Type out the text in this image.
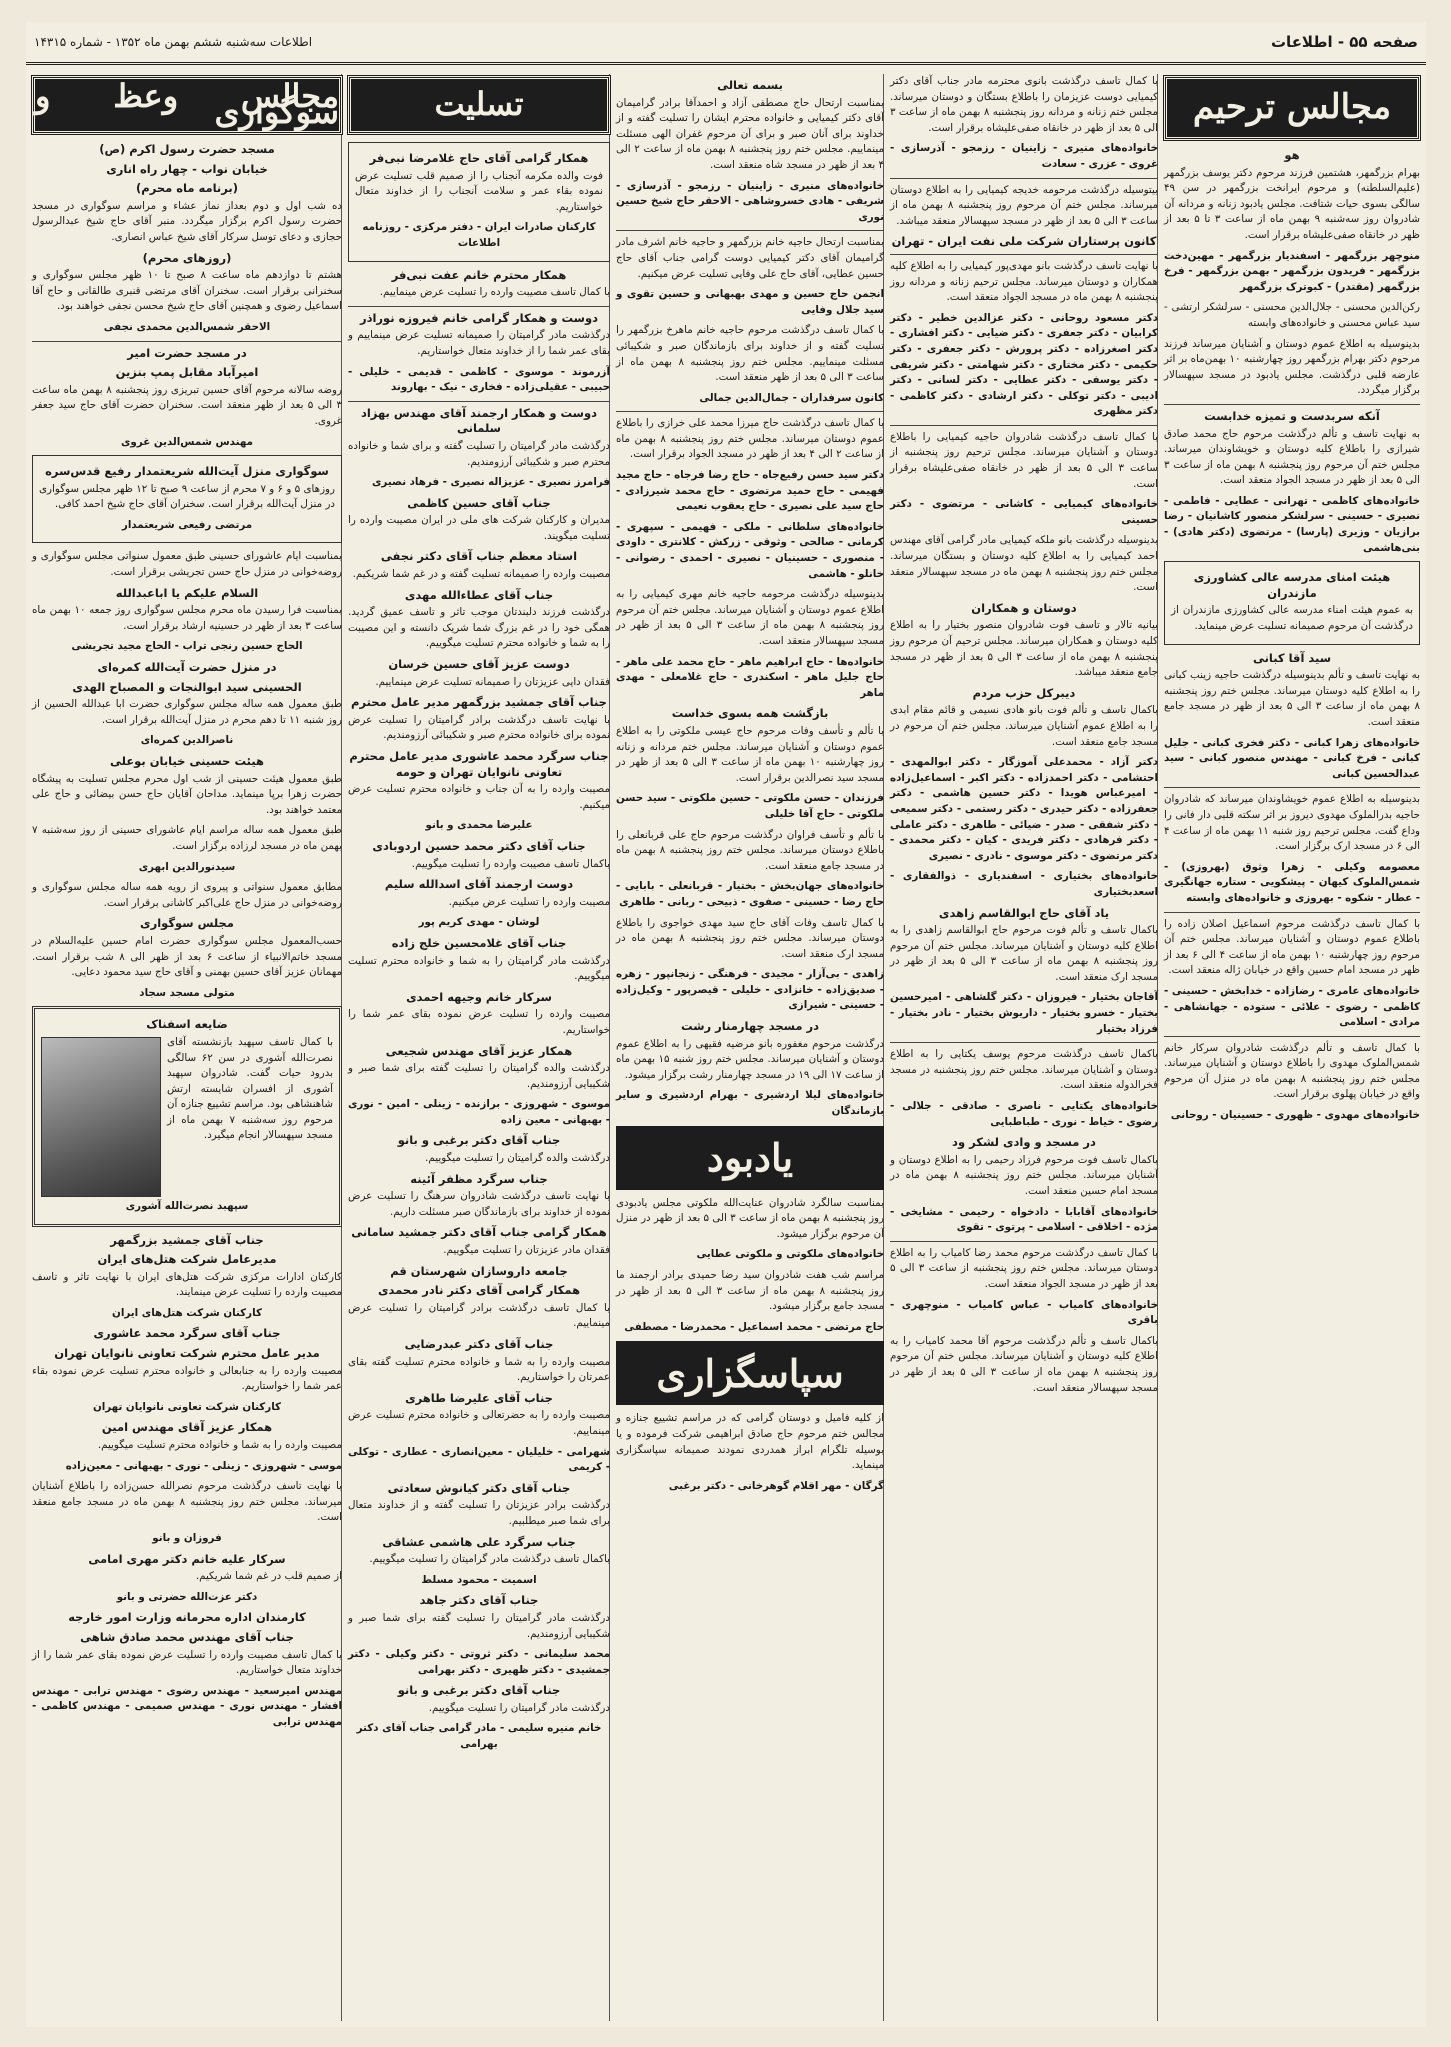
صفحه ۵۵ - اطلاعات
اطلاعات سه‌شنبه ششم بهمن ماه ۱۳۵۲ - شماره ۱۴۳۱۵
مجالس ترحیم
هو

بهرام بزرگمهر، هشتمین فرزند مرحوم دکتر یوسف بزرگمهر (علیم‌السلطنه) و مرحوم ایرانخت بزرگمهر در سن ۴۹ سالگی بسوی حیات شتافت. مجلس یادبود زنانه و مردانه آن شادروان روز سه‌شنبه ۹ بهمن ماه از ساعت ۳ تا ۵ بعد از ظهر در خانقاه صفی‌علیشاه برقرار است.

منوچهر بزرگمهر - اسفندیار بزرگمهر - مهین‌دخت بزرگمهر - فریدون بزرگمهر - بهمن بزرگمهر - فرخ بزرگمهر (مقتدر) - کبوترک بزرگمهر

رکن‌الدین محسنی - جلال‌الدین محسنی - سرلشکر ارتشی - سید عباس محسنی و خانواده‌های وابسته

بدینوسیله به اطلاع عموم دوستان و آشنایان میرساند فرزند مرحوم دکتر بهرام بزرگمهر روز چهارشنبه ۱۰ بهمن‌ماه بر اثر عارضه قلبی درگذشت. مجلس یادبود در مسجد سپهسالار برگزار میگردد.

آنکه سربدست و تمیزه خدابست

به نهایت تاسف و تألم درگذشت مرحوم حاج محمد صادق شیرازی را باطلاع کلیه دوستان و خویشاوندان میرساند. مجلس ختم آن مرحوم روز پنجشنبه ۸ بهمن ماه از ساعت ۳ الی ۵ بعد از ظهر در مسجد الجواد منعقد است.

خانواده‌های کاظمی - تهرانی - عطایی - فاطمی - نصیری - حسینی - سرلشکر منصور کاشانیان - رضا برازیان - وزیری (پارسا) - مرتضوی (دکتر هادی) - بنی‌هاشمی

هیئت امنای مدرسه عالی کشاورزی مازندران

به عموم هیئت امناء مدرسه عالی کشاورزی مازندران از درگذشت آن مرحوم صمیمانه تسلیت عرض مینماید.

سید آقا کبانی

به نهایت تاسف و تألم بدینوسیله درگذشت حاجیه زینب کبانی را به اطلاع کلیه دوستان میرساند. مجلس ختم روز پنجشنبه ۸ بهمن ماه از ساعت ۳ الی ۵ بعد از ظهر در مسجد جامع منعقد است.

خانواده‌های زهرا کبانی - دکتر فخری کبانی - جلیل کبانی - فرخ کبانی - مهندس منصور کبانی - سید عبدالحسین کبانی

بدینوسیله به اطلاع عموم خویشاوندان میرساند که شادروان حاجیه بدرالملوک مهدوی دیروز بر اثر سکته قلبی دار فانی را وداع گفت. مجلس ترحیم روز شنبه ۱۱ بهمن ماه از ساعت ۴ الی ۶ در مسجد ارک برگزار است.

معصومه وکیلی - زهرا وثوق (بهروزی) - شمس‌الملوک کیهان - پیشکویی - ستاره جهانگیری - عطار - شکوه - بهروزی و خانواده‌های وابسته

با کمال تاسف درگذشت مرحوم اسماعیل اصلان زاده را باطلاع عموم دوستان و آشنایان میرساند. مجلس ختم آن مرحوم روز چهارشنبه ۱۰ بهمن ماه از ساعت ۴ الی ۶ بعد از ظهر در مسجد امام حسین واقع در خیابان ژاله منعقد است.

خانواده‌های عامری - رضازاده - خدابخش - حسینی - کاظمی - رضوی - علائی - ستوده - جهانشاهی - مرادی - اسلامی

با کمال تاسف و تألم درگذشت شادروان سرکار خانم شمس‌الملوک مهدوی را باطلاع دوستان و آشنایان میرساند. مجلس ختم روز پنجشنبه ۸ بهمن ماه در منزل آن مرحوم واقع در خیابان پهلوی برقرار است.

خانواده‌های مهدوی - ظهوری - حسینیان - روحانی

با کمال تاسف درگذشت بانوی محترمه مادر جناب آقای دکتر کیمیایی دوست عزیزمان را باطلاع بستگان و دوستان میرساند. مجلس ختم زنانه و مردانه روز پنجشنبه ۸ بهمن ماه از ساعت ۳ الی ۵ بعد از ظهر در خانقاه صفی‌علیشاه برقرار است.

خانواده‌های منیری - زاینیان - رزمجو - آذرسازی - غروی - عزری - سعادت

بیتوسیله درگذشت مرحومه خدیجه کیمیایی را به اطلاع دوستان میرساند. مجلس ختم آن مرحوم روز پنجشنبه ۸ بهمن ماه از ساعت ۳ الی ۵ بعد از ظهر در مسجد سپهسالار منعقد میباشد.

کانون پرستاران شرکت ملی نفت ایران - تهران

با نهایت تاسف درگذشت بانو مهدی‌پور کیمیایی را به اطلاع کلیه همکاران و دوستان میرساند. مجلس ترحیم زنانه و مردانه روز پنجشنبه ۸ بهمن ماه در مسجد الجواد منعقد است.

دکتر مسعود روحانی - دکتر عزالدین خطیر - دکتر کرابیان - دکتر جعفری - دکتر ضیایی - دکتر افشاری - دکتر اصغرزاده - دکتر پرورش - دکتر جعفری - دکتر حکیمی - دکتر مختاری - دکتر شهامتی - دکتر شریفی - دکتر یوسفی - دکتر عطایی - دکتر لسانی - دکتر ادیبی - دکتر توکلی - دکتر ارشادی - دکتر کاظمی - دکتر مظهری

با کمال تاسف درگذشت شادروان حاجیه کیمیایی را باطلاع دوستان و آشنایان میرساند. مجلس ترحیم روز پنجشنبه از ساعت ۳ الی ۵ بعد از ظهر در خانقاه صفی‌علیشاه برقرار است.

خانواده‌های کیمیایی - کاشانی - مرتضوی - دکتر حسینی

بدینوسیله درگذشت بانو ملکه کیمیایی مادر گرامی آقای مهندس احمد کیمیایی را به اطلاع کلیه دوستان و بستگان میرساند. مجلس ختم روز پنجشنبه ۸ بهمن ماه در مسجد سپهسالار منعقد است.

دوستان و همکاران

بیانیه تالار و تاسف فوت شادروان منصور بختیار را به اطلاع کلیه دوستان و همکاران میرساند. مجلس ترحیم آن مرحوم روز پنجشنبه ۸ بهمن ماه از ساعت ۳ الی ۵ بعد از ظهر در مسجد جامع منعقد میباشد.

دیبرکل حزب مردم

باکمال تاسف و تألم فوت بانو هادی نسیمی و قائم مقام ابدی را به اطلاع عموم آشنایان میرساند. مجلس ختم آن مرحوم در مسجد جامع منعقد است.

دکتر آزاد - محمدعلی آموزگار - دکتر ابوالمهدی - احتشامی - دکتر احمدزاده - دکتر اکبر - اسماعیل‌زاده - امیرعباس هویدا - دکتر حسین هاشمی - دکتر جعفرزاده - دکتر حیدری - دکتر رستمی - دکتر سمیعی - دکتر شفقی - صدر - ضیائی - طاهری - دکتر عاملی - دکتر فرهادی - دکتر فریدی - کیان - دکتر محمدی - دکتر مرتضوی - دکتر موسوی - نادری - نصیری

خانواده‌های بختیاری - اسفندیاری - ذوالفقاری - اسعدبختیاری

یاد آقای حاج ابوالقاسم زاهدی

باکمال تاسف و تألم فوت مرحوم حاج ابوالقاسم زاهدی را به اطلاع کلیه دوستان و آشنایان میرساند. مجلس ختم آن مرحوم روز پنجشنبه ۸ بهمن ماه از ساعت ۳ الی ۵ بعد از ظهر در مسجد ارک منعقد است.

آقاجان بختیار - فیروزان - دکتر گلشاهی - امیرحسین بختیار - خسرو بختیار - داریوش بختیار - نادر بختیار - فرزاد بختیار

باکمال تاسف درگذشت مرحوم یوسف یکتایی را به اطلاع دوستان و آشنایان میرساند. مجلس ختم روز پنجشنبه در مسجد فخرالدوله منعقد است.

خانواده‌های یکتایی - ناصری - صادقی - جلالی - رضوی - خیاط - نوری - طباطبایی

در مسجد و وادی لشکر ود

باکمال تاسف فوت مرحوم فرزاد رحیمی را به اطلاع دوستان و آشنایان میرساند. مجلس ختم روز پنجشنبه ۸ بهمن ماه در مسجد امام حسین منعقد است.

خانواده‌های آقابابا - دادخواه - رحیمی - مشایخی - مژده - اخلاقی - اسلامی - پرتوی - تقوی

با کمال تاسف درگذشت مرحوم محمد رضا کامیاب را به اطلاع دوستان میرساند. مجلس ختم روز پنجشنبه از ساعت ۳ الی ۵ بعد از ظهر در مسجد الجواد منعقد است.

خانواده‌های کامیاب - عباس کامیاب - منوچهری - باقری

باکمال تاسف و تألم درگذشت مرحوم آقا محمد کامیاب را به اطلاع کلیه دوستان و آشنایان میرساند. مجلس ختم آن مرحوم روز پنجشنبه ۸ بهمن ماه از ساعت ۳ الی ۵ بعد از ظهر در مسجد سپهسالار منعقد است.

بسمه تعالی

بمناسبت ارتحال حاج مصطفی آزاد و احمدآقا برادر گرامیمان آقای دکتر کیمیایی و خانواده محترم ایشان را تسلیت گفته و از خداوند برای آنان صبر و برای آن مرحوم غفران الهی مسئلت مینماییم. مجلس ختم روز پنجشنبه ۸ بهمن ماه از ساعت ۲ الی ۴ بعد از ظهر در مسجد شاه منعقد است.

خانواده‌های منیری - زاینیان - رزمجو - آذرسازی - شریفی - هادی خسروشاهی - الاحقر حاج شیخ حسین نوری

بمناسبت ارتحال حاجیه خانم بزرگمهر و حاجیه خانم اشرف مادر گرامیمان آقای دکتر کیمیایی دوست گرامی جناب آقای حاج حسین عطایی، آقای حاج علی وفایی تسلیت عرض میکنیم.

انجمن حاج حسین و مهدی بهبهانی و حسین تقوی و سید جلال وفایی

با کمال تاسف درگذشت مرحوم حاجیه خانم ماهرخ بزرگمهر را تسلیت گفته و از خداوند برای بازماندگان صبر و شکیبائی مسئلت مینماییم. مجلس ختم روز پنجشنبه ۸ بهمن ماه از ساعت ۳ الی ۵ بعد از ظهر منعقد است.

کانون سرفداران - جمال‌الدین جمالی

با کمال تاسف درگذشت حاج میرزا محمد علی خرازی را باطلاع عموم دوستان میرساند. مجلس ختم روز پنجشنبه ۸ بهمن ماه از ساعت ۲ الی ۴ بعد از ظهر در مسجد الجواد برقرار است.

دکتر سید حسن رفیع‌جاه - حاج رضا فرجاه - حاج مجید فهیمی - حاج حمید مرتضوی - حاج محمد شیرزادی - حاج سید علی نصیری - حاج یعقوب نعیمی

خانواده‌های سلطانی - ملکی - فهیمی - سپهری - کرمانی - صالحی - وثوقی - زرکش - کلانتری - داودی - منصوری - حسینیان - نصیری - احمدی - رضوانی - خانلو - هاشمی

بدینوسیله درگذشت مرحومه حاجیه خانم مهری کیمیایی را به اطلاع عموم دوستان و آشنایان میرساند. مجلس ختم آن مرحوم روز پنجشنبه ۸ بهمن ماه از ساعت ۳ الی ۵ بعد از ظهر در مسجد سپهسالار منعقد است.

خانواده‌ها - حاج ابراهیم ماهر - حاج محمد علی ماهر - حاج جلیل ماهر - اسکندری - حاج غلامعلی - مهدی ماهر

بازگشت همه بسوی خداست

با تألم و تأسف وفات مرحوم حاج عیسی ملکوتی را به اطلاع عموم دوستان و آشنایان میرساند. مجلس ختم مردانه و زنانه روز چهارشنبه ۱۰ بهمن ماه از ساعت ۳ الی ۵ بعد از ظهر در مسجد سید نصرالدین برقرار است.

فرزندان - حسن ملکوتی - حسین ملکوتی - سید حسن ملکوتی - حاج آقا خلیلی

با تألم و تأسف فراوان درگذشت مرحوم حاج علی قربانعلی را باطلاع دوستان میرساند. مجلس ختم روز پنجشنبه ۸ بهمن ماه در مسجد جامع منعقد است.

خانواده‌های جهان‌بخش - بختیار - قربانعلی - بابایی - حاج رضا - حسینی - صفوی - ذبیحی - ربانی - طاهری

با کمال تاسف وفات آقای حاج سید مهدی خواجوی را باطلاع دوستان میرساند. مجلس ختم روز پنجشنبه ۸ بهمن ماه در مسجد ارک منعقد است.

زاهدی - بی‌آزار - مجیدی - فرهنگی - زنجانپور - زهره - صدیق‌زاده - خانزادی - خلیلی - قیصرپور - وکیل‌زاده - حسینی - شیرازی

در مسجد چهارمنار رشت

درگذشت مرحوم مغفوره بانو مرضیه فقیهی را به اطلاع عموم دوستان و آشنایان میرساند. مجلس ختم روز شنبه ۱۵ بهمن ماه از ساعت ۱۷ الی ۱۹ در مسجد چهارمنار رشت برگزار میشود.

خانواده‌های لیلا اردشیری - بهرام اردشیری و سایر بازماندگان

یادبود

بمناسبت سالگرد شادروان عنایت‌الله ملکوتی مجلس یادبودی روز پنجشنبه ۸ بهمن ماه از ساعت ۳ الی ۵ بعد از ظهر در منزل آن مرحوم برگزار میشود.

خانواده‌های ملکوتی و ملکوتی عطایی

مراسم شب هفت شادروان سید رضا حمیدی برادر ارجمند ما روز پنجشنبه ۸ بهمن ماه از ساعت ۳ الی ۵ بعد از ظهر در مسجد جامع برگزار میشود.

حاج مرتضی - محمد اسماعیل - محمدرضا - مصطفی

سپاسگزاری

از کلیه فامیل و دوستان گرامی که در مراسم تشییع جنازه و مجالس ختم مرحوم حاج صادق ابراهیمی شرکت فرموده و یا بوسیله تلگرام ابراز همدردی نمودند صمیمانه سپاسگزاری مینماید.

گرگان - مهر اقلام گوهرخانی - دکتر برغبی

تسلیت
همکار گرامی آقای حاج غلامرضا نبی‌فر

فوت والده مکرمه آنجناب را از صمیم قلب تسلیت عرض نموده بقاء عمر و سلامت آنجناب را از خداوند متعال خواستاریم.

کارکنان صادرات ایران - دفتر مرکزی - روزنامه اطلاعات

همکار محترم خانم عفت نبی‌فر

با کمال تاسف مصیبت وارده را تسلیت عرض مینماییم.

دوست و همکار گرامی خانم فیروزه نوراذر

درگذشت مادر گرامیتان را صمیمانه تسلیت عرض مینماییم و بقای عمر شما را از خداوند متعال خواستاریم.

آزرموند - موسوی - کاظمی - قدیمی - خلیلی - حبیبی - عقیلی‌زاده - فخاری - نیک - بهاروند

دوست و همکار ارجمند آقای مهندس بهزاد سلمانی

درگذشت مادر گرامیتان را تسلیت گفته و برای شما و خانواده محترم صبر و شکیبائی آرزومندیم.

فرامرز نصیری - عزیزاله نصیری - فرهاد نصیری

جناب آقای حسین کاظمی

مدیران و کارکنان شرکت های ملی در ایران مصیبت وارده را تسلیت میگویند.

استاد معظم جناب آقای دکتر نجفی

مصیبت وارده را صمیمانه تسلیت گفته و در غم شما شریکیم.

جناب آقای عطاءالله مهدی

درگذشت فرزند دلبندتان موجب تاثر و تاسف عمیق گردید. همگی خود را در غم بزرگ شما شریک دانسته و این مصیبت را به شما و خانواده محترم تسلیت میگوییم.

دوست عزیز آقای حسین خرسان

فقدان دایی عزیزتان را صمیمانه تسلیت عرض مینماییم.

جناب آقای جمشید بزرگمهر مدیر عامل محترم

با نهایت تاسف درگذشت برادر گرامیتان را تسلیت عرض نموده برای خانواده محترم صبر و شکیبائی آرزومندیم.

جناب سرگرد محمد عاشوری مدیر عامل محترم تعاونی نانوایان تهران و حومه

مصیبت وارده را به آن جناب و خانواده محترم تسلیت عرض میکنیم.

علیرضا محمدی و بانو

جناب آقای دکتر محمد حسین اردوبادی

باکمال تاسف مصیبت وارده را تسلیت میگوییم.

دوست ارجمند آقای اسدالله سلیم

مصیبت وارده را تسلیت عرض میکنیم.

لوشان - مهدی کریم پور

جناب آقای غلامحسین خلج زاده

درگذشت مادر گرامیتان را به شما و خانواده محترم تسلیت میگوییم.

سرکار خانم وجیهه احمدی

مصیبت وارده را تسلیت عرض نموده بقای عمر شما را خواستاریم.

همکار عزیز آقای مهندس شجیعی

درگذشت والده گرامیتان را تسلیت گفته برای شما صبر و شکیبایی آرزومندیم.

موسوی - شهروزی - برازنده - زینلی - امین - نوری - بهبهانی - معین زاده

جناب آقای دکتر برغبی و بانو

درگذشت والده گرامیتان را تسلیت میگوییم.

جناب سرگرد مظفر آئینه

با نهایت تاسف درگذشت شادروان سرهنگ را تسلیت عرض نموده از خداوند برای بازماندگان صبر مسئلت داریم.

همکار گرامی جناب آقای دکتر جمشید سامانی

فقدان مادر عزیزتان را تسلیت میگوییم.

جامعه داروسازان شهرستان قم
همکار گرامی آقای دکتر نادر محمدی

با کمال تاسف درگذشت برادر گرامیتان را تسلیت عرض مینماییم.

جناب آقای دکتر عبدرضایی

مصیبت وارده را به شما و خانواده محترم تسلیت گفته بقای عمرتان را خواستاریم.

جناب آقای علیرضا طاهری

مصیبت وارده را به حضرتعالی و خانواده محترم تسلیت عرض مینماییم.

شهرامی - خلیلیان - معین‌انصاری - عطاری - توکلی - کریمی

جناب آقای دکتر کیانوش سعادتی

درگذشت برادر عزیزتان را تسلیت گفته و از خداوند متعال برای شما صبر میطلبیم.

جناب سرگرد علی هاشمی عشاقی

باکمال تاسف درگذشت مادر گرامیتان را تسلیت میگوییم.

اسمیت - محمود مسلط

جناب آقای دکتر جاهد

درگذشت مادر گرامیتان را تسلیت گفته برای شما صبر و شکیبایی آرزومندیم.

محمد سلیمانی - دکتر ثروتی - دکتر وکیلی - دکتر جمشیدی - دکتر ظهیری - دکتر بهرامی

جناب آقای دکتر برغبی و بانو

درگذشت مادر گرامیتان را تسلیت میگوییم.

خانم منیره سلیمی - مادر گرامی جناب آقای دکتر بهرامی

مجالس وعظ و سوگواری
مسجد حضرت رسول اکرم (ص)
خیابان نواب - چهار راه اناری
(برنامه ماه محرم)

ده شب اول و دوم بعداز نماز عشاء و مراسم سوگواری در مسجد حضرت رسول اکرم برگزار میگردد. منبر آقای حاج شیخ عبدالرسول حجازی و دعای توسل سرکار آقای شیخ عباس انصاری.

(روزهای محرم)

هشتم تا دوازدهم ماه ساعت ۸ صبح تا ۱۰ ظهر مجلس سوگواری و سخنرانی برقرار است. سخنران آقای مرتضی قنبری طالقانی و حاج آقا اسماعیل رضوی و همچنین آقای حاج شیخ محسن نجفی خواهند بود.

الاحقر شمس‌الدین محمدی نجفی

در مسجد حضرت امیر
امیرآباد مقابل پمپ بنزین

روضه سالانه مرحوم آقای حسین تبریزی روز پنجشنبه ۸ بهمن ماه ساعت ۳ الی ۵ بعد از ظهر منعقد است. سخنران حضرت آقای حاج سید جعفر غروی.

مهندس شمس‌الدین غروی

سوگواری منزل آیت‌الله شریعتمدار رفیع قدس‌سره

روزهای ۵ و ۶ و ۷ محرم از ساعت ۹ صبح تا ۱۲ ظهر مجلس سوگواری در منزل آیت‌الله برقرار است. سخنران آقای حاج شیخ احمد کافی.

مرتضی رفیعی شریعتمدار

بمناسبت ایام عاشورای حسینی طبق معمول سنواتی مجلس سوگواری و روضه‌خوانی در منزل حاج حسن تجریشی برقرار است.

السلام علیکم یا اباعبدالله

بمناسبت فرا رسیدن ماه محرم مجلس سوگواری روز جمعه ۱۰ بهمن ماه ساعت ۳ بعد از ظهر در حسینیه ارشاد برقرار است.

الحاج حسین رنجی تراب - الحاج مجید تجریشی

در منزل حضرت آیت‌الله کمره‌ای
الحسینی سید ابوالنجات و المصباح الهدی

طبق معمول همه ساله مجلس سوگواری حضرت ابا عبدالله الحسین از روز شنبه ۱۱ تا دهم محرم در منزل آیت‌الله برقرار است.

ناصرالدین کمره‌ای

هیئت حسینی خیابان بوعلی

طبق معمول هیئت حسینی از شب اول محرم مجلس تسلیت به پیشگاه حضرت زهرا برپا مینماید. مداحان آقایان حاج حسن بیضائی و حاج علی معتمد خواهند بود.

طبق معمول همه ساله مراسم ایام عاشورای حسینی از روز سه‌شنبه ۷ بهمن ماه در مسجد لرزاده برگزار است.

سیدنورالدین ابهری

مطابق معمول سنواتی و پیروی از رویه همه ساله مجلس سوگواری و روضه‌خوانی در منزل حاج علی‌اکبر کاشانی برقرار است.

مجلس سوگواری

حسب‌المعمول مجلس سوگواری حضرت امام حسین علیه‌السلام در مسجد خاتم‌الانبیاء از ساعت ۶ بعد از ظهر الی ۸ شب برقرار است. مهمانان عزیز آقای حسین بهمنی و آقای حاج سید محمود دعایی.

متولی مسجد سجاد

ضایعه اسفناک

با کمال تاسف سپهبد بازنشسته آقای نصرت‌الله آشوری در سن ۶۲ سالگی بدرود حیات گفت. شادروان سپهبد آشوری از افسران شایسته ارتش شاهنشاهی بود. مراسم تشییع جنازه آن مرحوم روز سه‌شنبه ۷ بهمن ماه از مسجد سپهسالار انجام میگیرد.

سپهبد نصرت‌الله آشوری

جناب آقای جمشید بزرگمهر
مدیرعامل شرکت هتل‌های ایران

کارکنان ادارات مرکزی شرکت هتل‌های ایران با نهایت تاثر و تاسف مصیبت وارده را تسلیت عرض مینمایند.

کارکنان شرکت هتل‌های ایران

جناب آقای سرگرد محمد عاشوری
مدیر عامل محترم شرکت تعاونی نانوایان تهران

مصیبت وارده را به جنابعالی و خانواده محترم تسلیت عرض نموده بقاء عمر شما را خواستاریم.

کارکنان شرکت تعاونی نانوایان تهران

همکار عزیز آقای مهندس امین

مصیبت وارده را به شما و خانواده محترم تسلیت میگوییم.

موسی - شهروزی - زینلی - نوری - بهبهانی - معین‌زاده

با نهایت تاسف درگذشت مرحوم نصرالله حسن‌زاده را باطلاع آشنایان میرساند. مجلس ختم روز پنجشنبه ۸ بهمن ماه در مسجد جامع منعقد است.

فروزان و بانو

سرکار علیه خانم دکتر مهری امامی

از صمیم قلب در غم شما شریکیم.

دکتر عزت‌الله حضرتی و بانو

کارمندان اداره محرمانه وزارت امور خارجه
جناب آقای مهندس محمد صادق شاهی

با کمال تاسف مصیبت وارده را تسلیت عرض نموده بقای عمر شما را از خداوند متعال خواستاریم.

مهندس امیرسعید - مهندس رضوی - مهندس ترابی - مهندس افشار - مهندس نوری - مهندس صمیمی - مهندس کاظمی - مهندس ترابی
